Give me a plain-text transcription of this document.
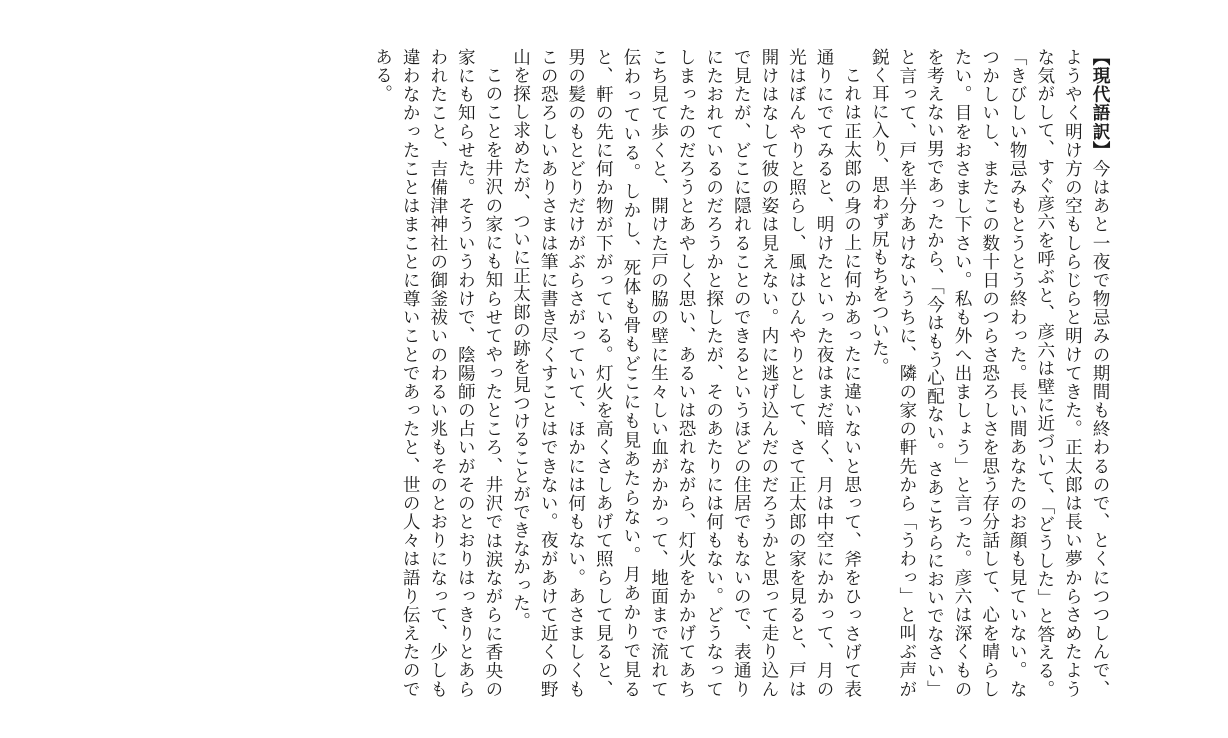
【現代語訳】今はあと一夜で物忌みの期間も終わるので、とくにつつしんで、ようやく明け方の空もしらじらと明けてきた。正太郎は長い夢からさめたような気がして、すぐ彦六を呼ぶと、彦六は壁に近づいて、「どうした」と答える。「きびしい物忌みもとうとう終わった。長い間あなたのお顔も見ていない。なつかしいし、またこの数十日のつらさ恐ろしさを思う存分話して、心を晴らしたい。目をおさまし下さい。私も外へ出ましょう」と言った。彦六は深くものを考えない男であったから、「今はもう心配ない。さあこちらにおいでなさい」と言って、戸を半分あけないうちに、隣の家の軒先から「うわっ」と叫ぶ声が鋭く耳に入り、思わず尻もちをついた。

これは正太郎の身の上に何かあったに違いないと思って、斧をひっさげて表通りにでてみると、明けたといった夜はまだ暗く、月は中空にかかって、月の光はぼんやりと照らし、風はひんやりとして、さて正太郎の家を見ると、戸は開けはなして彼の姿は見えない。内に逃げ込んだのだろうかと思って走り込んで見たが、どこに隠れることのできるというほどの住居でもないので、表通りにたおれているのだろうかと探したが、そのあたりには何もない。どうなってしまったのだろうとあやしく思い、あるいは恐れながら、灯火をかかげてあちこち見て歩くと、開けた戸の脇の壁に生々しい血がかかって、地面まで流れて伝わっている。しかし、死体も骨もどこにも見あたらない。月あかりで見ると、軒の先に何か物が下がっている。灯火を高くさしあげて照らして見ると、男の髪のもとどりだけがぶらさがっていて、ほかには何もない。あさましくもこの恐ろしいありさまは筆に書き尽くすことはできない。夜があけて近くの野山を探し求めたが、ついに正太郎の跡を見つけることができなかった。

このことを井沢の家にも知らせてやったところ、井沢では涙ながらに香央の家にも知らせた。そういうわけで、陰陽師の占いがそのとおりはっきりとあらわれたこと、吉備津神社の御釜祓いのわるい兆もそのとおりになって、少しも違わなかったことはまことに尊いことであったと、世の人々は語り伝えたのである。
